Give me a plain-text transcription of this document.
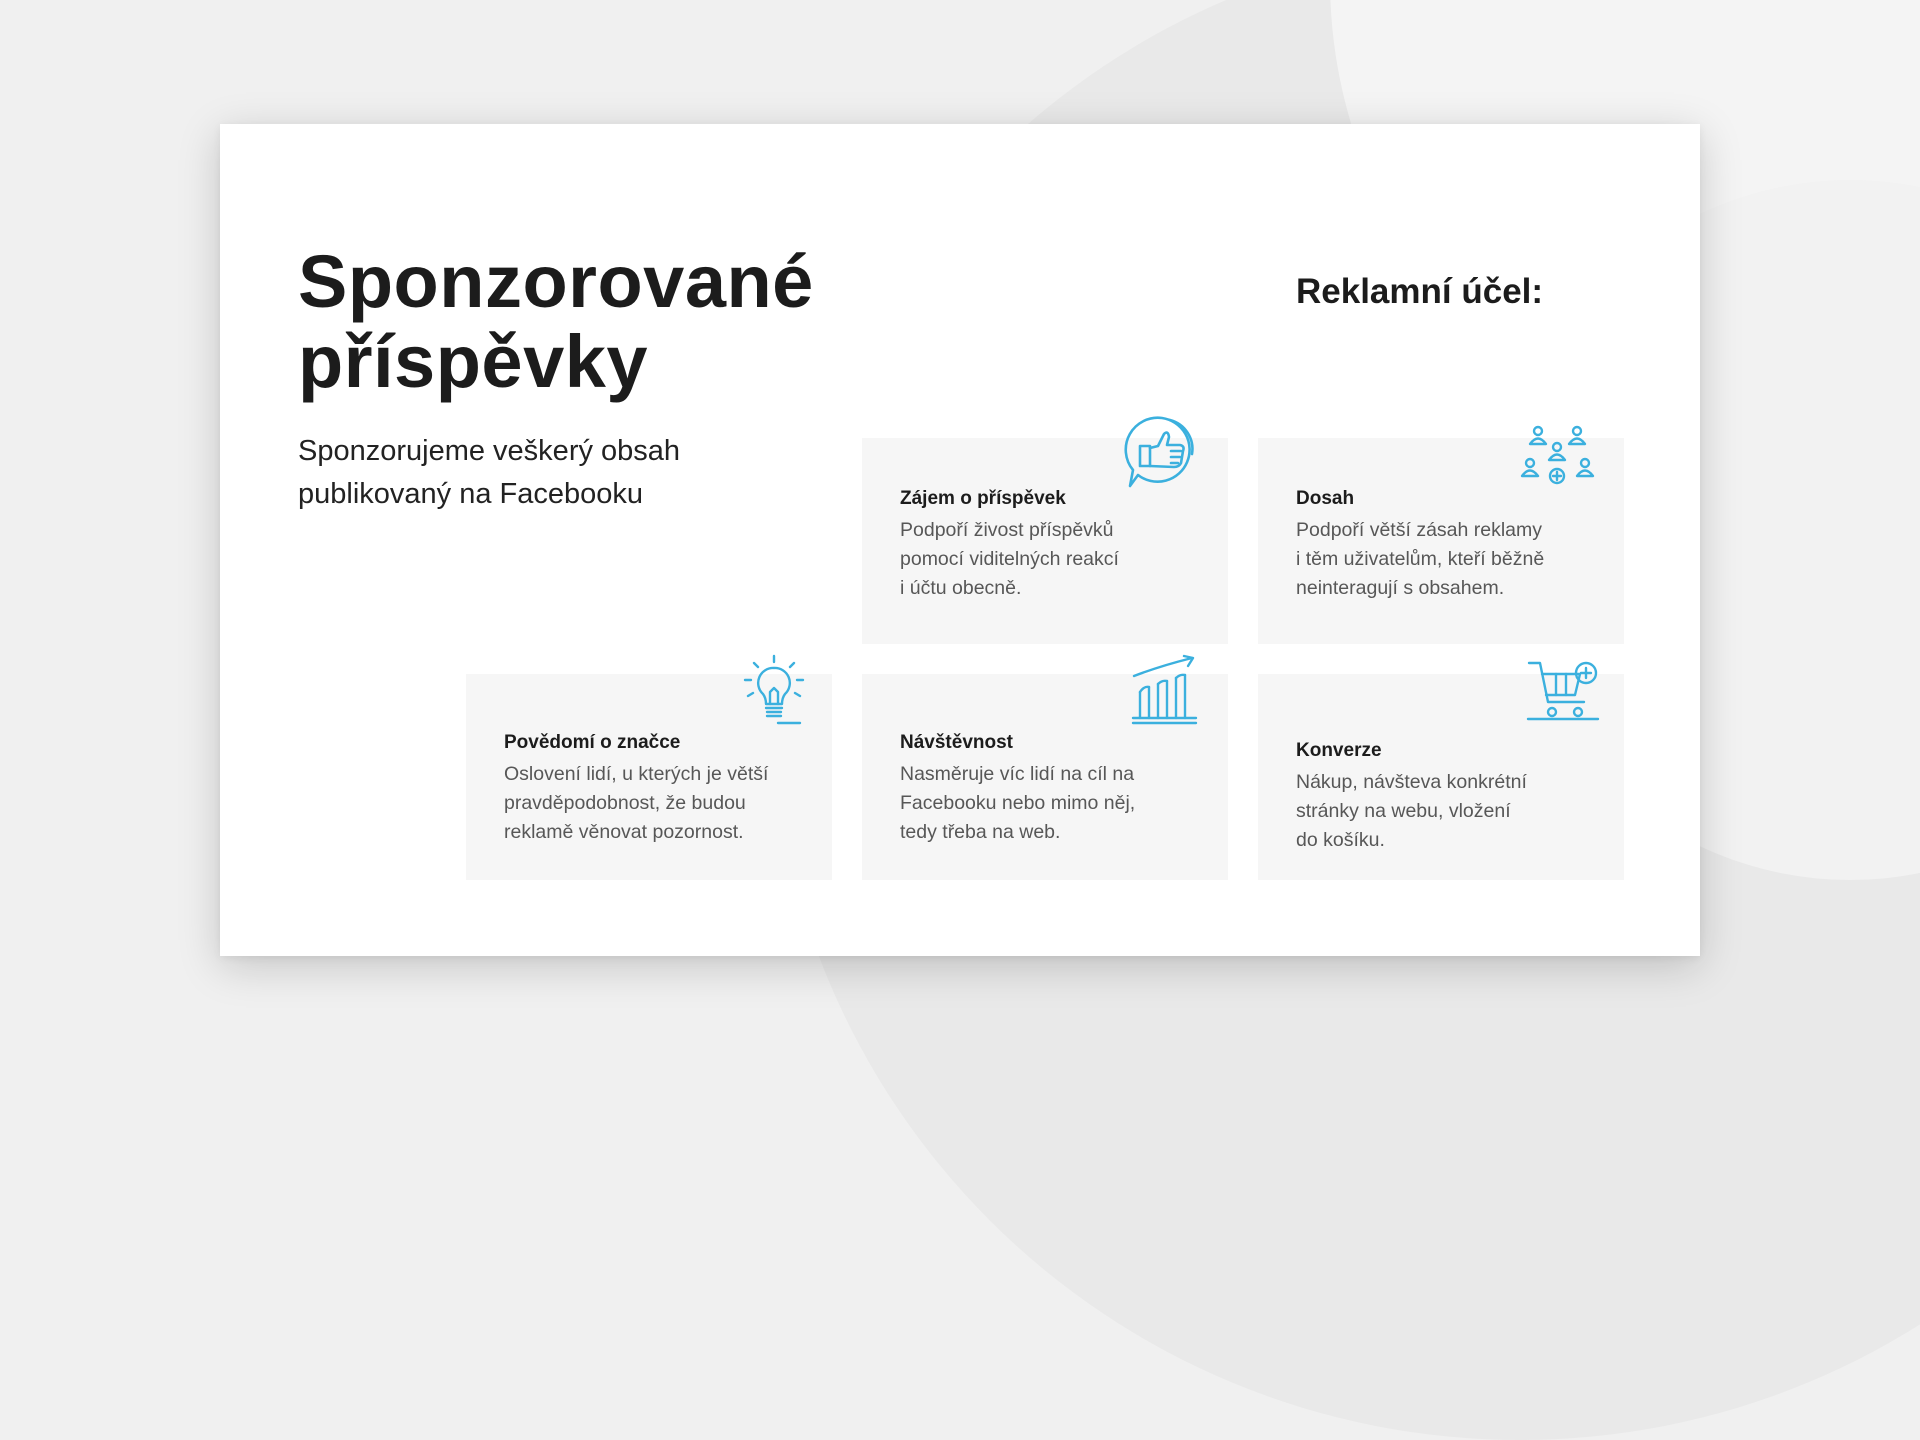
Sponzorované
příspěvky

Sponzorujeme veškerý obsah
publikovaný na Facebooku

Reklamní účel:
Zájem o příspěvek

Podpoří živost příspěvků
pomocí viditelných reakcí
i účtu obecně.

Dosah

Podpoří větší zásah reklamy
i těm uživatelům, kteří běžně
neinteragují s obsahem.

Povědomí o značce

Oslovení lidí, u kterých je větší
pravděpodobnost, že budou
reklamě věnovat pozornost.

Návštěvnost

Nasměruje víc lidí na cíl na
Facebooku nebo mimo něj,
tedy třeba na web.

Konverze

Nákup, návšteva konkrétní
stránky na webu, vložení
do košíku.
